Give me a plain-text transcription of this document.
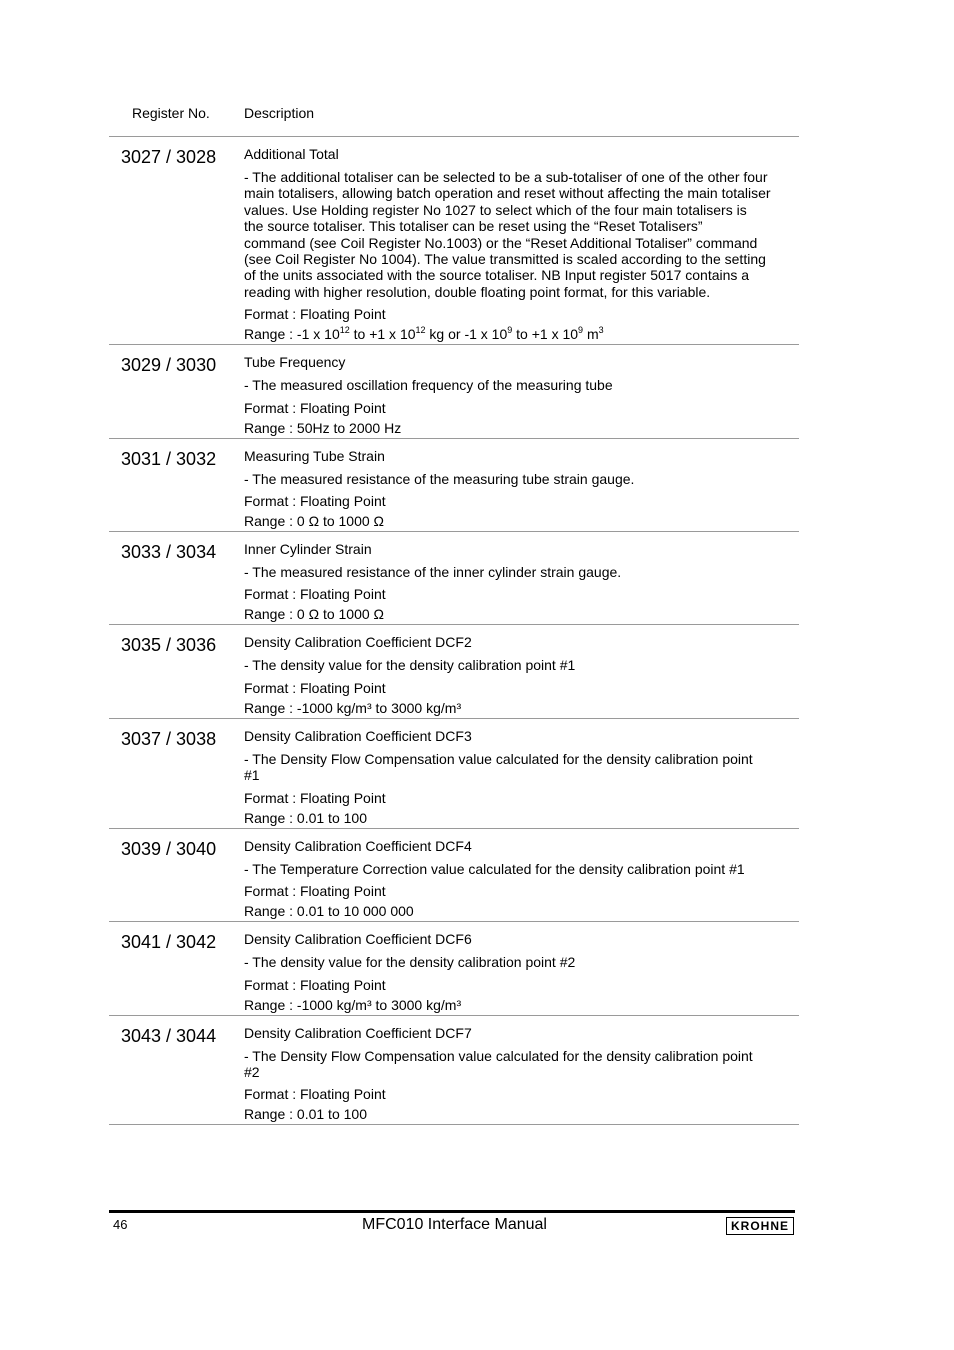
Register No. Description
3027 / 3028 Additional Total
- The additional totaliser can be selected to be a sub-totaliser of one of the other four
main totalisers, allowing batch operation and reset without affecting the main totaliser
values. Use Holding register No 1027 to select which of the four main totalisers is
the source totaliser. This totaliser can be reset using the “Reset Totalisers”
command (see Coil Register No.1003) or the “Reset Additional Totaliser” command
(see Coil Register No 1004). The value transmitted is scaled according to the setting
of the units associated with the source totaliser. NB Input register 5017 contains a
reading with higher resolution, double floating point format, for this variable.
Format : Floating Point
Range : -1 x $10^{12}$ to +1 x $10^{12}$ kg or -1 x $10^9$ to +1 x $10^9$ $m^3$
3029 / 3030 Tube Frequency
- The measured oscillation frequency of the measuring tube
Format : Floating Point
Range : 50Hz to 2000 Hz
3031 / 3032 Measuring Tube Strain
- The measured resistance of the measuring tube strain gauge.
Format : Floating Point
Range : 0 Ω to 1000 Ω
3033 / 3034 Inner Cylinder Strain
- The measured resistance of the inner cylinder strain gauge.
Format : Floating Point
Range : 0 Ω to 1000 Ω
3035 / 3036 Density Calibration Coefficient DCF2
- The density value for the density calibration point #1
Format : Floating Point
Range : -1000 kg/m³ to 3000 kg/m³
3037 / 3038 Density Calibration Coefficient DCF3
- The Density Flow Compensation value calculated for the density calibration point
#1
Format : Floating Point
Range : 0.01 to 100
3039 / 3040 Density Calibration Coefficient DCF4
- The Temperature Correction value calculated for the density calibration point #1
Format : Floating Point
Range : 0.01 to 10 000 000
3041 / 3042 Density Calibration Coefficient DCF6
- The density value for the density calibration point #2
Format : Floating Point
Range : -1000 kg/m³ to 3000 kg/m³
3043 / 3044 Density Calibration Coefficient DCF7
- The Density Flow Compensation value calculated for the density calibration point
#2
Format : Floating Point
Range : 0.01 to 100
46	MFC010 Interface Manual	KROHNE
